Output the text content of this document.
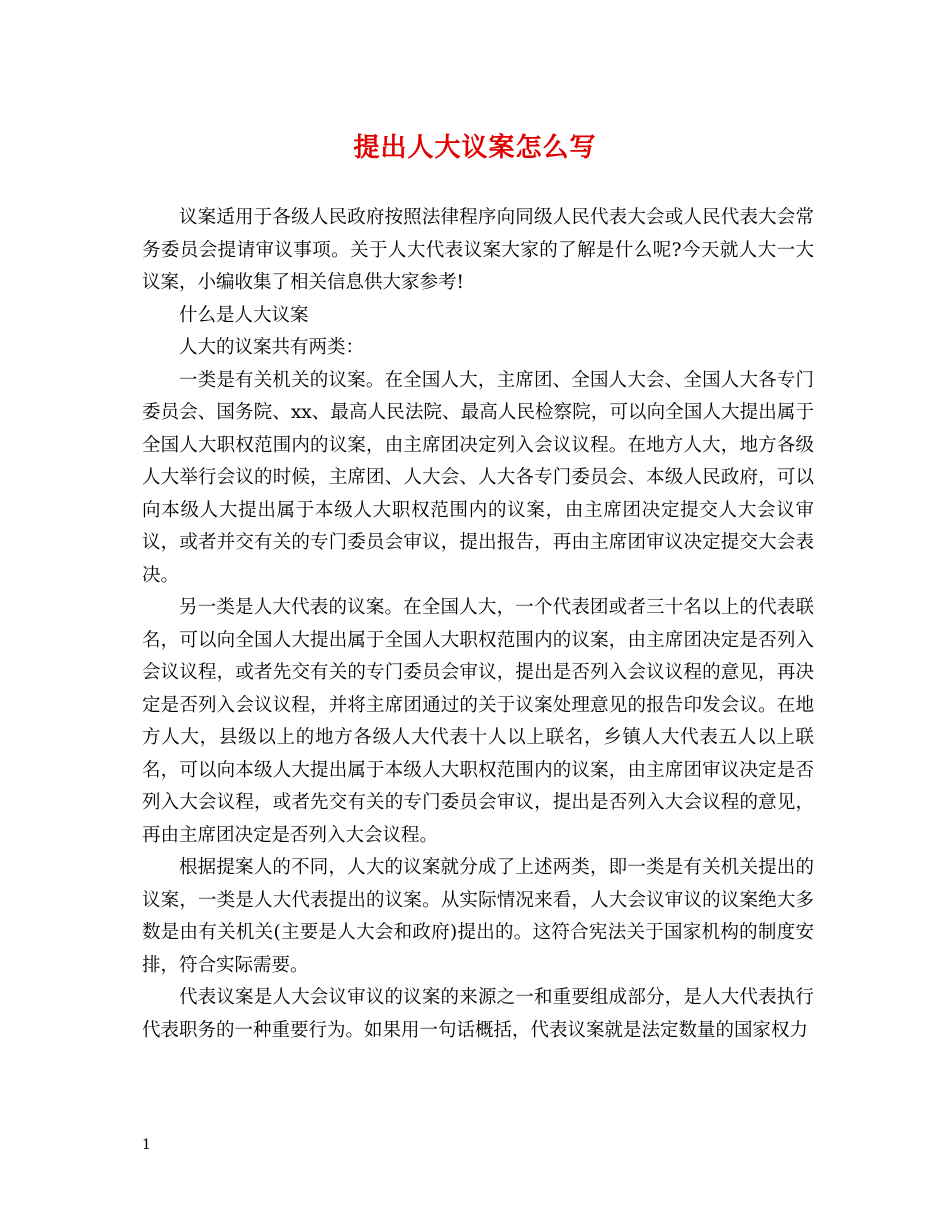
提出人大议案怎么写

议案适用于各级人民政府按照法律程序向同级人民代表大会或人民代表大会常务委员会提请审议事项。关于人大代表议案大家的了解是什么呢?今天就人大一大议案，小编收集了相关信息供大家参考!

什么是人大议案

人大的议案共有两类：

一类是有关机关的议案。在全国人大，主席团、全国人大会、全国人大各专门委员会、国务院、xx、最高人民法院、最高人民检察院，可以向全国人大提出属于全国人大职权范围内的议案，由主席团决定列入会议议程。在地方人大，地方各级人大举行会议的时候，主席团、人大会、人大各专门委员会、本级人民政府，可以向本级人大提出属于本级人大职权范围内的议案，由主席团决定提交人大会议审议，或者并交有关的专门委员会审议，提出报告，再由主席团审议决定提交大会表决。

另一类是人大代表的议案。在全国人大，一个代表团或者三十名以上的代表联名，可以向全国人大提出属于全国人大职权范围内的议案，由主席团决定是否列入会议议程，或者先交有关的专门委员会审议，提出是否列入会议议程的意见，再决定是否列入会议议程，并将主席团通过的关于议案处理意见的报告印发会议。在地方人大，县级以上的地方各级人大代表十人以上联名，乡镇人大代表五人以上联名，可以向本级人大提出属于本级人大职权范围内的议案，由主席团审议决定是否列入大会议程，或者先交有关的专门委员会审议，提出是否列入大会议程的意见，再由主席团决定是否列入大会议程。

根据提案人的不同，人大的议案就分成了上述两类，即一类是有关机关提出的议案，一类是人大代表提出的议案。从实际情况来看，人大会议审议的议案绝大多数是由有关机关(主要是人大会和政府)提出的。这符合宪法关于国家机构的制度安排，符合实际需要。

代表议案是人大会议审议的议案的来源之一和重要组成部分，是人大代表执行代表职务的一种重要行为。如果用一句话概括，代表议案就是法定数量的国家权力

1
